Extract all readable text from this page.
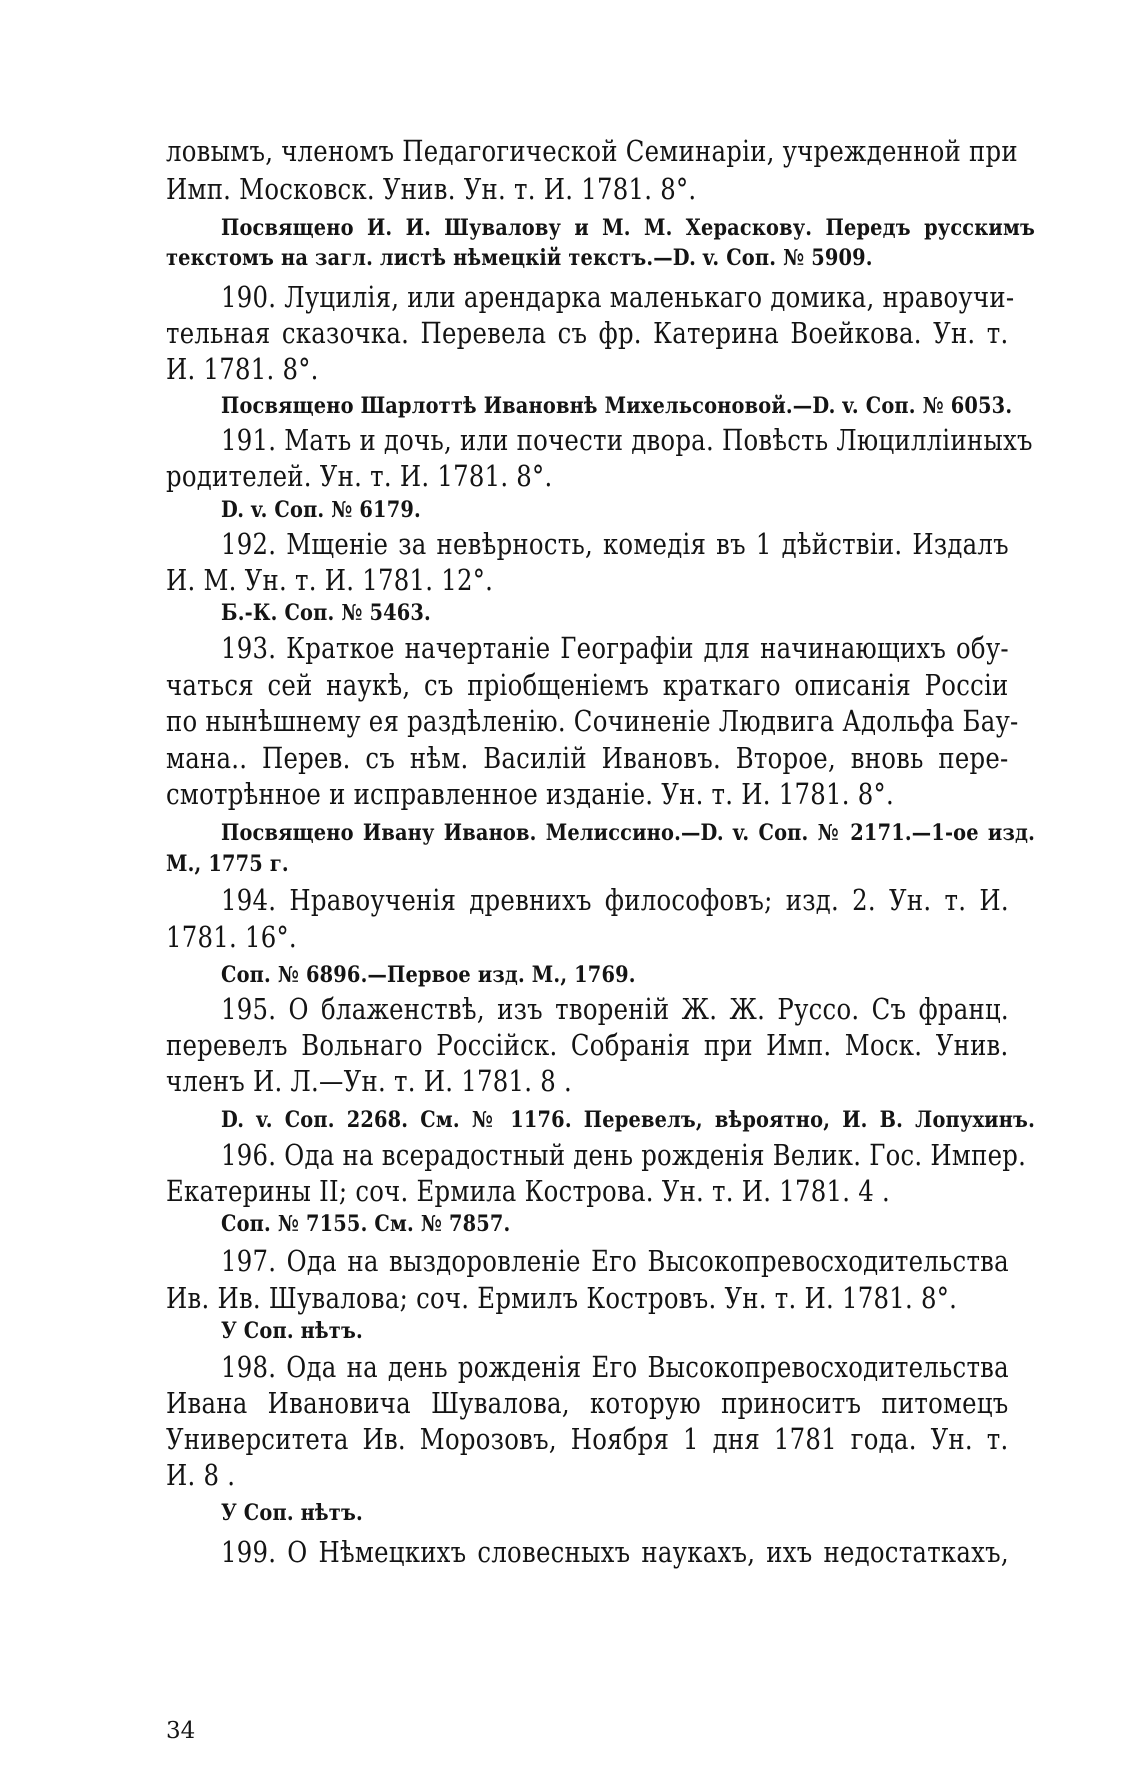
ловымъ, членомъ Педагогической Семинаріи, учрежденной при
Имп. Московск. Унив. Ун. т. И. 1781. 8°.
Посвящено И. И. Шувалову и М. М. Хераскову. Передъ русскимъ
текстомъ на загл. листѣ нѣмецкій текстъ.—D. v. Соп. № 5909.
190. Луцилія, или арендарка маленькаго домика, нравоучи-
тельная сказочка. Перевела съ фр. Катерина Воейкова. Ун. т.
И. 1781. 8°.
Посвящено Шарлоттѣ Ивановнѣ Михельсоновой.—D. v. Соп. № 6053.
191. Мать и дочь, или почести двора. Повѣсть Люцилліиныхъ
родителей. Ун. т. И. 1781. 8°.
D. v. Соп. № 6179.
192. Мщеніе за невѣрность, комедія въ 1 дѣйствіи. Издалъ
И. М. Ун. т. И. 1781. 12°.
Б.-К. Соп. № 5463.
193. Краткое начертаніе Географіи для начинающихъ обу-
чаться сей наукѣ, съ пріобщеніемъ краткаго описанія Россіи
по нынѣшнему ея раздѣленію. Сочиненіе Людвига Адольфа Бау-
мана.. Перев. съ нѣм. Василій Ивановъ. Второе, вновь пере-
смотрѣнное и исправленное изданіе. Ун. т. И. 1781. 8°.
Посвящено Ивану Иванов. Мелиссино.—D. v. Соп. № 2171.—1-ое изд.
М., 1775 г.
194. Нравоученія древнихъ философовъ; изд. 2. Ун. т. И.
1781. 16°.
Соп. № 6896.—Первое изд. М., 1769.
195. О блаженствѣ, изъ твореній Ж. Ж. Руссо. Съ франц.
перевелъ Вольнаго Россійск. Собранія при Имп. Моск. Унив.
членъ И. Л.—Ун. т. И. 1781. 8 .
D. v. Соп. 2268. См. № 1176. Перевелъ, вѣроятно, И. В. Лопухинъ.
196. Ода на всерадостный день рожденія Велик. Гос. Импер.
Екатерины II; соч. Ермила Кострова. Ун. т. И. 1781. 4 .
Соп. № 7155. См. № 7857.
197. Ода на выздоровленіе Его Высокопревосходительства
Ив. Ив. Шувалова; соч. Ермилъ Костровъ. Ун. т. И. 1781. 8°.
У Соп. нѣтъ.
198. Ода на день рожденія Его Высокопревосходительства
Ивана Ивановича Шувалова, которую приноситъ питомецъ
Университета Ив. Морозовъ, Ноября 1 дня 1781 года. Ун. т.
И. 8 .
У Соп. нѣтъ.
199. О Нѣмецкихъ словесныхъ наукахъ, ихъ недостаткахъ,
34
